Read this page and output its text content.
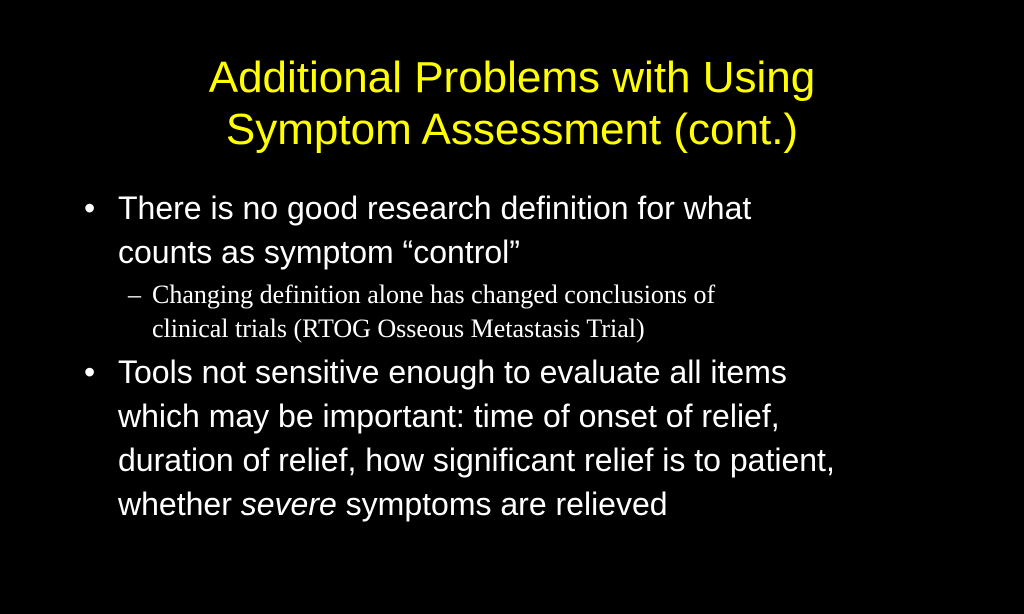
Additional Problems with Using
Symptom Assessment (cont.)
• There is no good research definition for what
counts as symptom “control”
– Changing definition alone has changed conclusions of
clinical trials (RTOG Osseous Metastasis Trial)
• Tools not sensitive enough to evaluate all items
which may be important: time of onset of relief,
duration of relief, how significant relief is to patient,
whether severe symptoms are relieved
